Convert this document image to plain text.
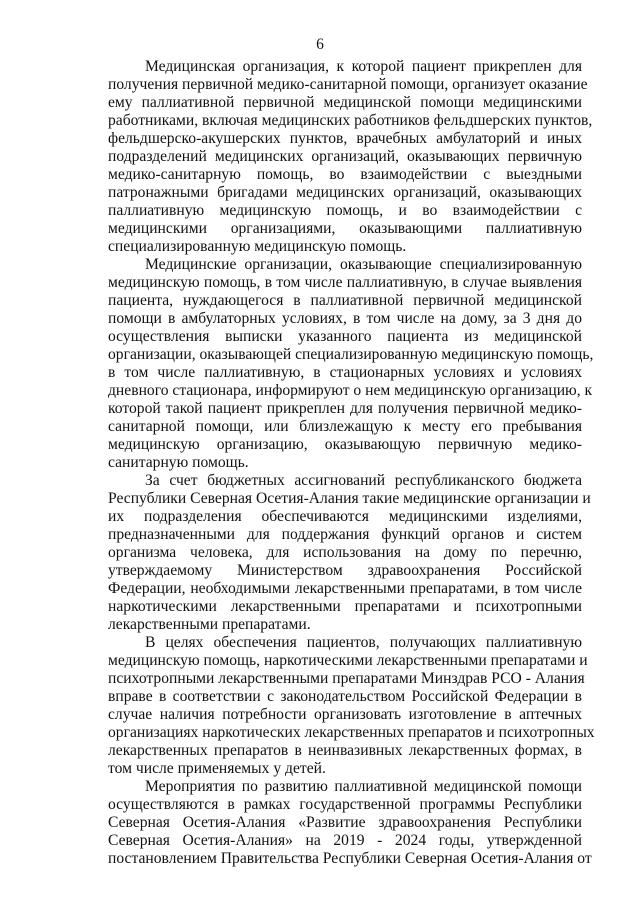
6
Медицинская организация, к которой пациент прикреплен для
получения первичной медико-санитарной помощи, организует оказание
ему паллиативной первичной медицинской помощи медицинскими
работниками, включая медицинских работников фельдшерских пунктов,
фельдшерско-акушерских пунктов, врачебных амбулаторий и иных
подразделений медицинских организаций, оказывающих первичную
медико-санитарную помощь, во взаимодействии с выездными
патронажными бригадами медицинских организаций, оказывающих
паллиативную медицинскую помощь, и во взаимодействии с
медицинскими организациями, оказывающими паллиативную
специализированную медицинскую помощь.
Медицинские организации, оказывающие специализированную
медицинскую помощь, в том числе паллиативную, в случае выявления
пациента, нуждающегося в паллиативной первичной медицинской
помощи в амбулаторных условиях, в том числе на дому, за 3 дня до
осуществления выписки указанного пациента из медицинской
организации, оказывающей специализированную медицинскую помощь,
в том числе паллиативную, в стационарных условиях и условиях
дневного стационара, информируют о нем медицинскую организацию, к
которой такой пациент прикреплен для получения первичной медико-
санитарной помощи, или близлежащую к месту его пребывания
медицинскую организацию, оказывающую первичную медико-
санитарную помощь.
За счет бюджетных ассигнований республиканского бюджета
Республики Северная Осетия-Алания такие медицинские организации и
их подразделения обеспечиваются медицинскими изделиями,
предназначенными для поддержания функций органов и систем
организма человека, для использования на дому по перечню,
утверждаемому Министерством здравоохранения Российской
Федерации, необходимыми лекарственными препаратами, в том числе
наркотическими лекарственными препаратами и психотропными
лекарственными препаратами.
В целях обеспечения пациентов, получающих паллиативную
медицинскую помощь, наркотическими лекарственными препаратами и
психотропными лекарственными препаратами Минздрав РСО - Алания
вправе в соответствии с законодательством Российской Федерации в
случае наличия потребности организовать изготовление в аптечных
организациях наркотических лекарственных препаратов и психотропных
лекарственных препаратов в неинвазивных лекарственных формах, в
том числе применяемых у детей.
Мероприятия по развитию паллиативной медицинской помощи
осуществляются в рамках государственной программы Республики
Северная Осетия-Алания «Развитие здравоохранения Республики
Северная Осетия-Алания» на 2019 - 2024 годы, утвержденной
постановлением Правительства Республики Северная Осетия-Алания от
